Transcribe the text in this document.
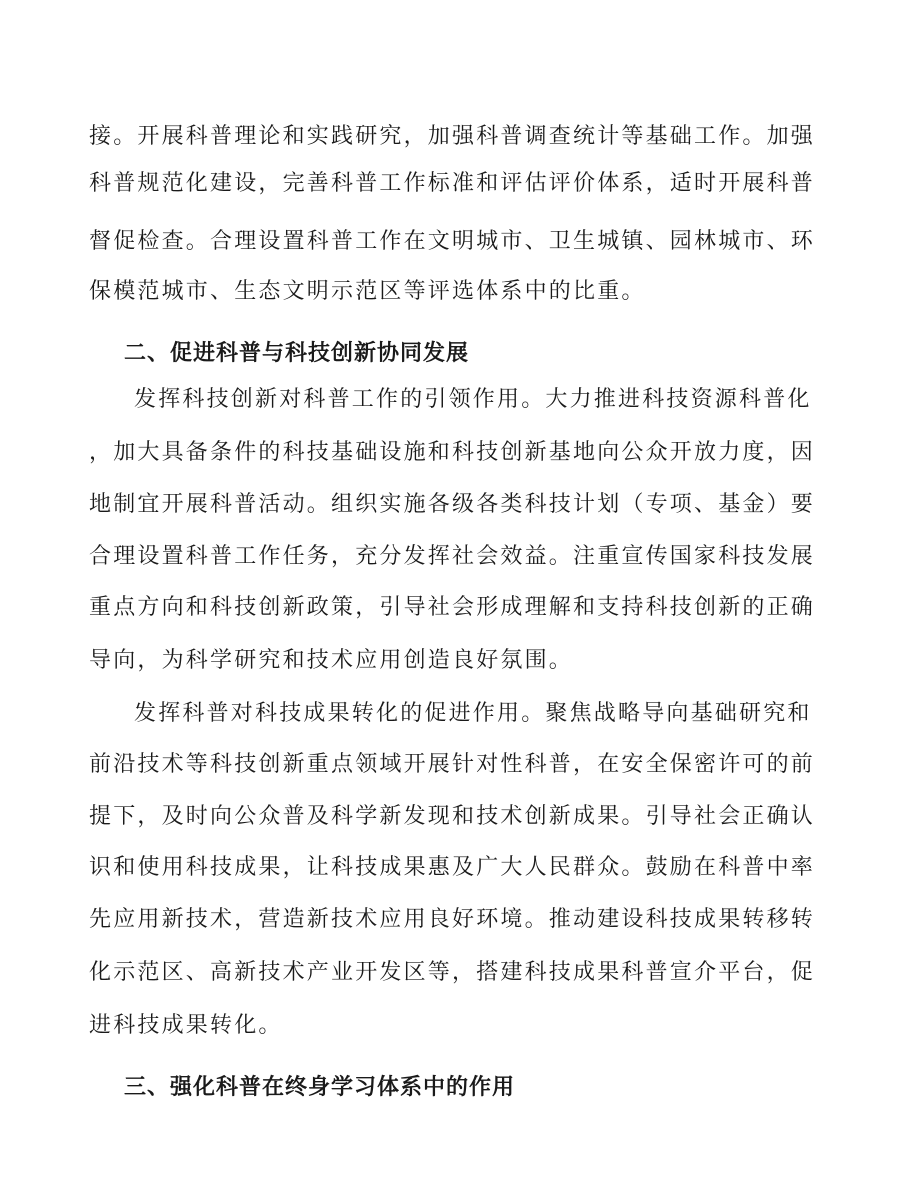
接。开展科普理论和实践研究，加强科普调查统计等基础工作。加强
科普规范化建设，完善科普工作标准和评估评价体系，适时开展科普
督促检查。合理设置科普工作在文明城市、卫生城镇、园林城市、环
保模范城市、生态文明示范区等评选体系中的比重。
二、促进科普与科技创新协同发展
发挥科技创新对科普工作的引领作用。大力推进科技资源科普化
，加大具备条件的科技基础设施和科技创新基地向公众开放力度，因
地制宜开展科普活动。组织实施各级各类科技计划（专项、基金）要
合理设置科普工作任务，充分发挥社会效益。注重宣传国家科技发展
重点方向和科技创新政策，引导社会形成理解和支持科技创新的正确
导向，为科学研究和技术应用创造良好氛围。
发挥科普对科技成果转化的促进作用。聚焦战略导向基础研究和
前沿技术等科技创新重点领域开展针对性科普，在安全保密许可的前
提下，及时向公众普及科学新发现和技术创新成果。引导社会正确认
识和使用科技成果，让科技成果惠及广大人民群众。鼓励在科普中率
先应用新技术，营造新技术应用良好环境。推动建设科技成果转移转
化示范区、高新技术产业开发区等，搭建科技成果科普宣介平台，促
进科技成果转化。
三、强化科普在终身学习体系中的作用
